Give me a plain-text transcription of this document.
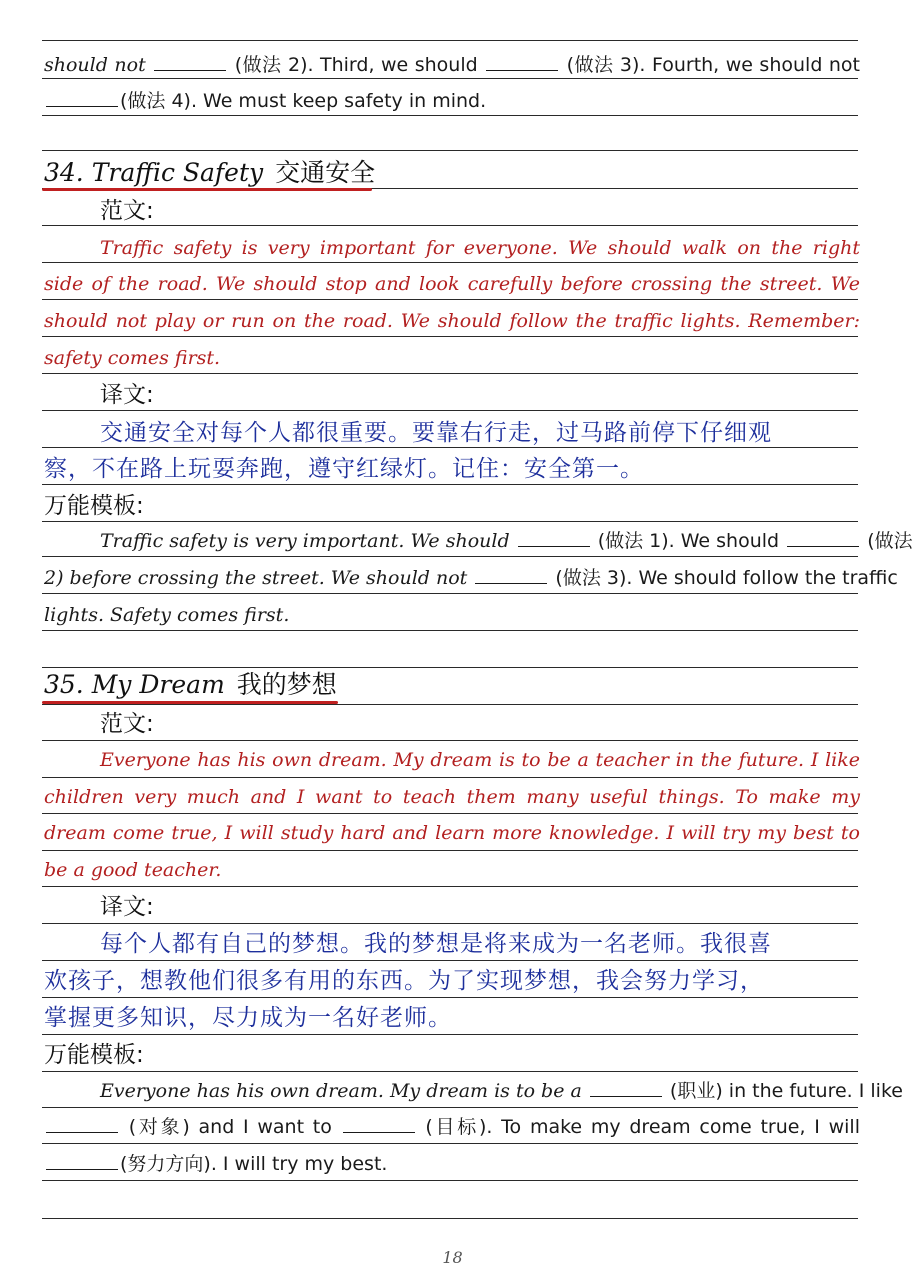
should not	(做法 2). Third, we should	(做法 3). Fourth, we should not
(做法 4). We must keep safety in mind.
34. Traffic Safety 交通安全
范文:
Traffic safety is very important for everyone. We should walk on the right
side of the road. We should stop and look carefully before crossing the street. We
should not play or run on the road. We should follow the traffic lights. Remember:
safety comes first.
译文:
交通安全对每个人都很重要。要靠右行走，过马路前停下仔细观
察，不在路上玩耍奔跑，遵守红绿灯。记住：安全第一。
万能模板:
Traffic safety is very important. We should	(做法 1). We should	(做法
2) before crossing the street. We should not	(做法 3). We should follow the traffic
lights. Safety comes first.
35. My Dream 我的梦想
范文:
Everyone has his own dream. My dream is to be a teacher in the future. I like
children very much and I want to teach them many useful things. To make my
dream come true, I will study hard and learn more knowledge. I will try my best to
be a good teacher.
译文:
每个人都有自己的梦想。我的梦想是将来成为一名老师。我很喜
欢孩子，想教他们很多有用的东西。为了实现梦想，我会努力学习，
掌握更多知识，尽力成为一名好老师。
万能模板:
Everyone has his own dream. My dream is to be a	(职业) in the future. I like
(对象) and I want to	(目标). To make my dream come true, I will
(努力方向). I will try my best.
18
